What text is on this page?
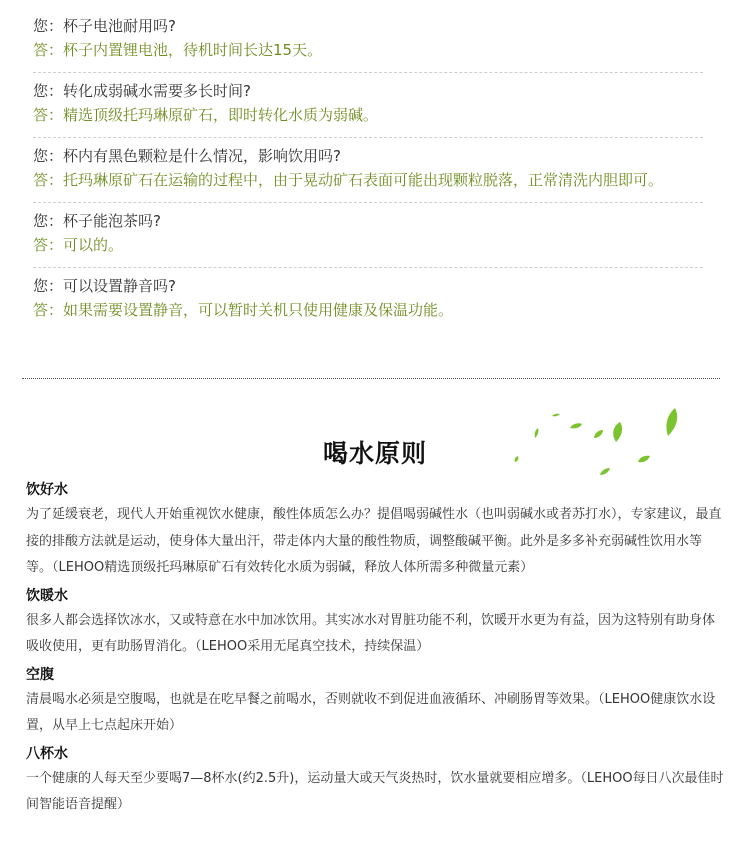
您：杯子电池耐用吗?
答：杯子内置锂电池，待机时间长达15天。
您：转化成弱碱水需要多长时间?
答：精选顶级托玛琳原矿石，即时转化水质为弱碱。
您：杯内有黑色颗粒是什么情况，影响饮用吗?
答：托玛琳原矿石在运输的过程中，由于晃动矿石表面可能出现颗粒脱落，正常清洗内胆即可。
您：杯子能泡茶吗?
答：可以的。
您：可以设置静音吗?
答：如果需要设置静音，可以暂时关机只使用健康及保温功能。
喝水原则
饮好水
为了延缓衰老，现代人开始重视饮水健康，酸性体质怎么办？提倡喝弱碱性水（也叫弱碱水或者苏打水），专家建议，最直接的排酸方法就是运动，使身体大量出汗，带走体内大量的酸性物质，调整酸碱平衡。此外是多多补充弱碱性饮用水等等。（LEHOO精选顶级托玛琳原矿石有效转化水质为弱碱，释放人体所需多种微量元素）
饮暖水
很多人都会选择饮冰水，又或特意在水中加冰饮用。其实冰水对胃脏功能不利，饮暖开水更为有益，因为这特别有助身体吸收使用，更有助肠胃消化。（LEHOO采用无尾真空技术，持续保温）
空腹
清晨喝水必须是空腹喝，也就是在吃早餐之前喝水，否则就收不到促进血液循环、冲刷肠胃等效果。（LEHOO健康饮水设置，从早上七点起床开始）
八杯水
一个健康的人每天至少要喝7—8杯水(约2.5升)，运动量大或天气炎热时，饮水量就要相应增多。（LEHOO每日八次最佳时间智能语音提醒）
